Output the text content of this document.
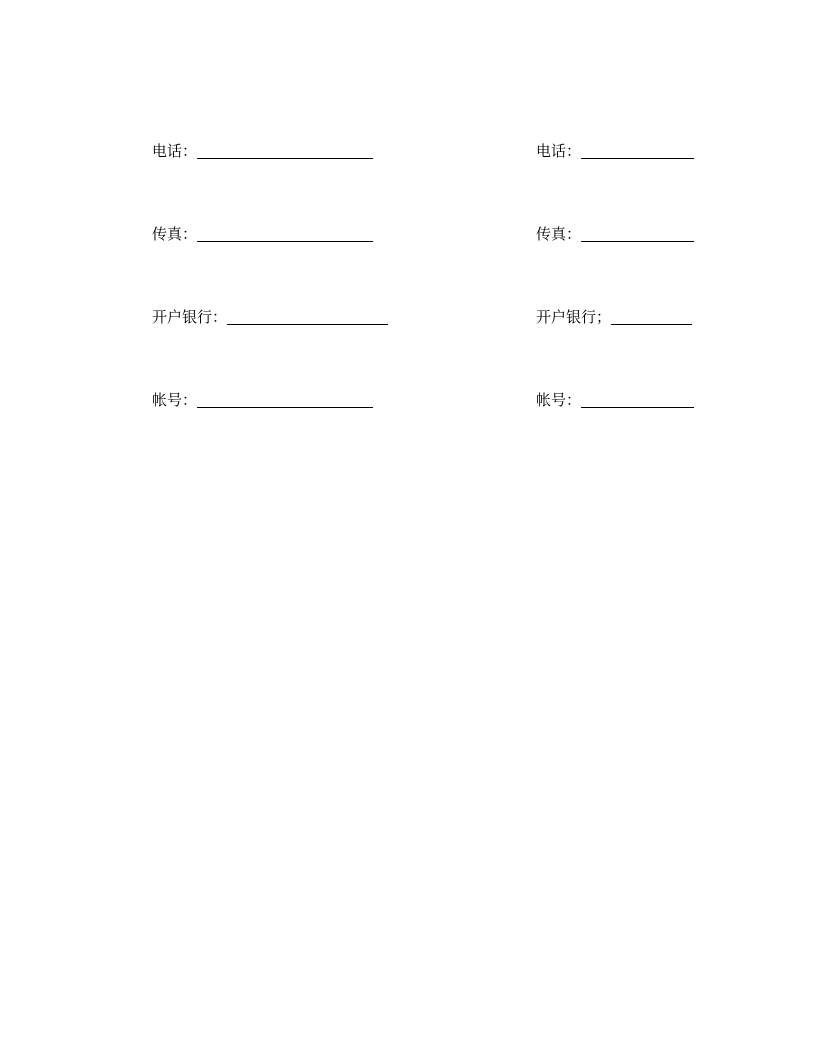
电话：
传真：
开户银行：
帐号：
电话：
传真：
开户银行；
帐号：
